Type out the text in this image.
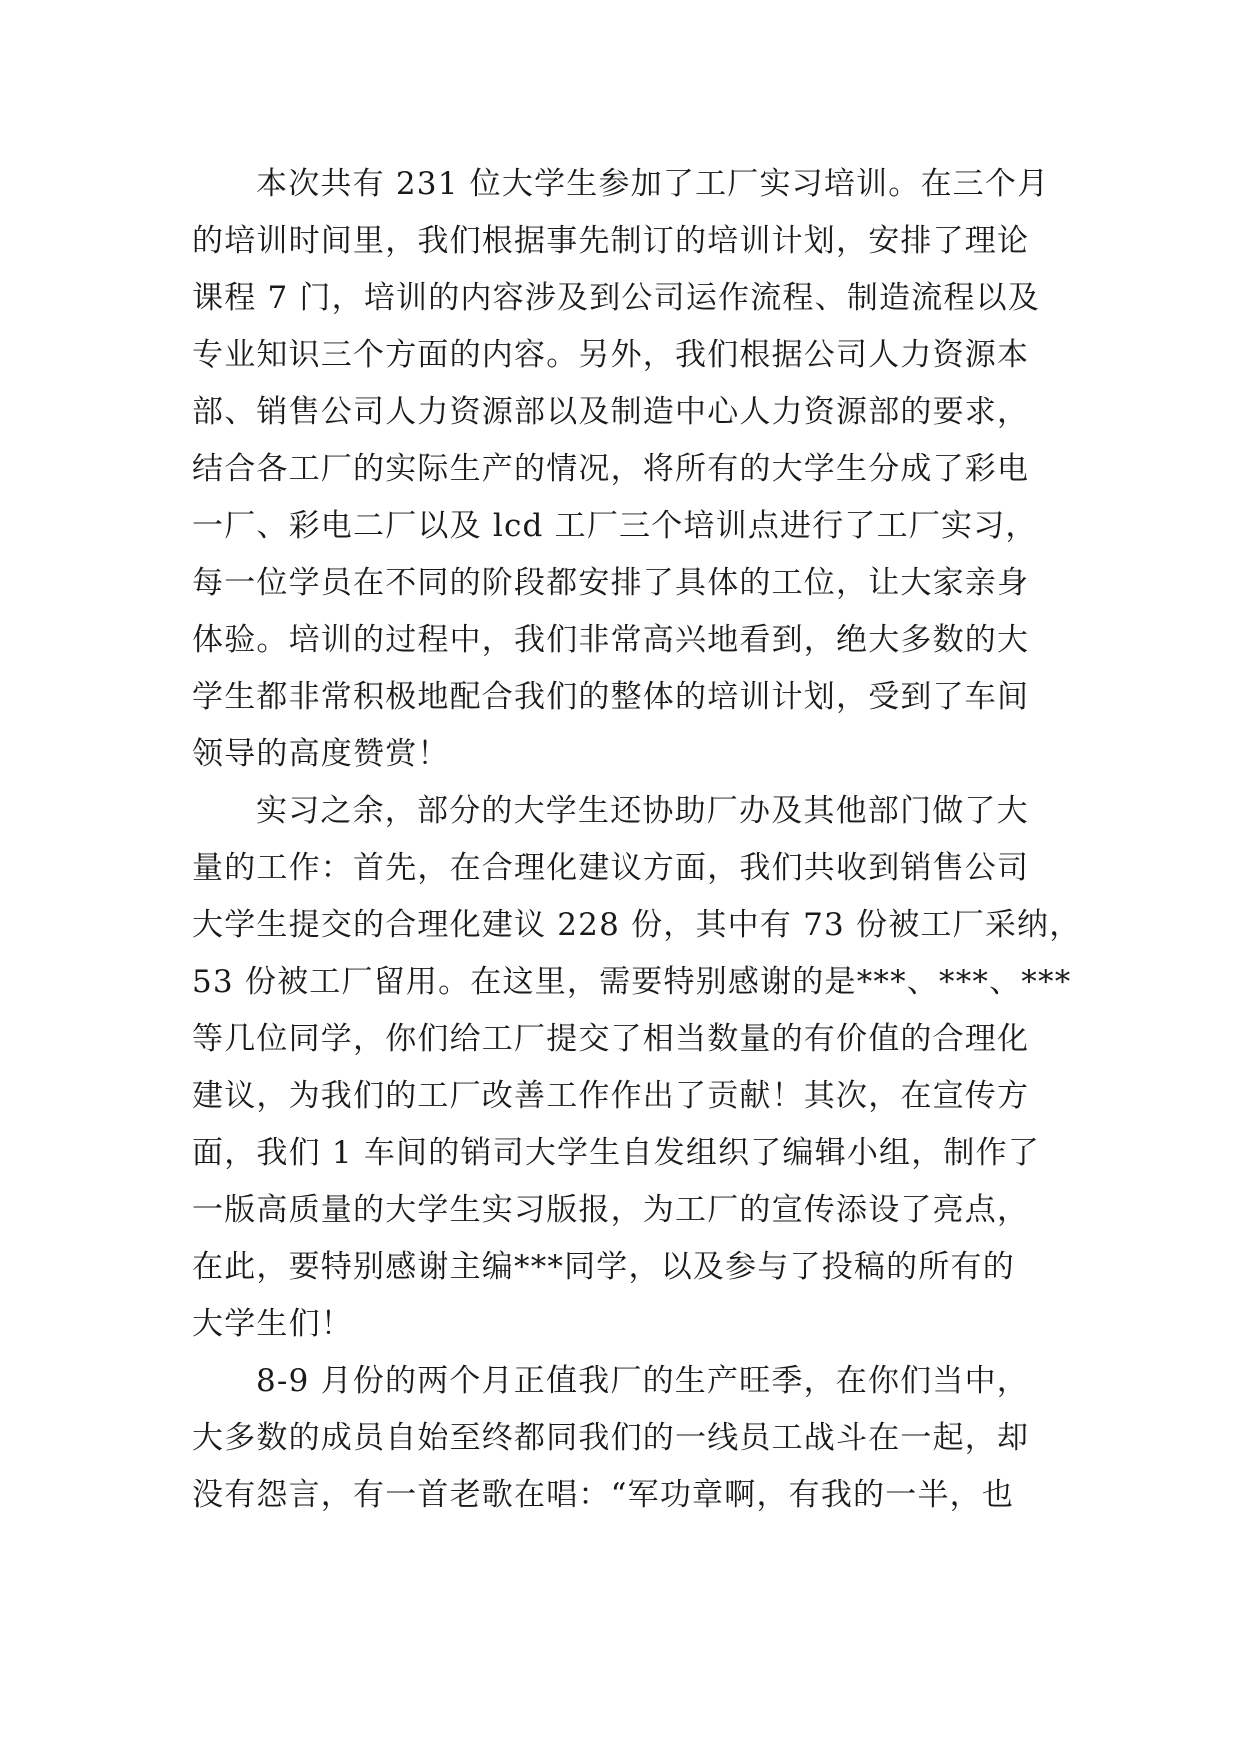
本次共有 231 位大学生参加了工厂实习培训。在三个月
的培训时间里，我们根据事先制订的培训计划，安排了理论
课程 7 门，培训的内容涉及到公司运作流程、制造流程以及
专业知识三个方面的内容。另外，我们根据公司人力资源本
部、销售公司人力资源部以及制造中心人力资源部的要求，
结合各工厂的实际生产的情况，将所有的大学生分成了彩电
一厂、彩电二厂以及 lcd 工厂三个培训点进行了工厂实习，
每一位学员在不同的阶段都安排了具体的工位，让大家亲身
体验。培训的过程中，我们非常高兴地看到，绝大多数的大
学生都非常积极地配合我们的整体的培训计划，受到了车间
领导的高度赞赏！
实习之余，部分的大学生还协助厂办及其他部门做了大
量的工作：首先，在合理化建议方面，我们共收到销售公司
大学生提交的合理化建议 228 份，其中有 73 份被工厂采纳，
53 份被工厂留用。在这里，需要特别感谢的是***、***、***
等几位同学，你们给工厂提交了相当数量的有价值的合理化
建议，为我们的工厂改善工作作出了贡献！其次，在宣传方
面，我们 1 车间的销司大学生自发组织了编辑小组，制作了
一版高质量的大学生实习版报，为工厂的宣传添设了亮点，
在此，要特别感谢主编***同学，以及参与了投稿的所有的
大学生们！
8-9 月份的两个月正值我厂的生产旺季，在你们当中，
大多数的成员自始至终都同我们的一线员工战斗在一起，却
没有怨言，有一首老歌在唱：“军功章啊，有我的一半，也
